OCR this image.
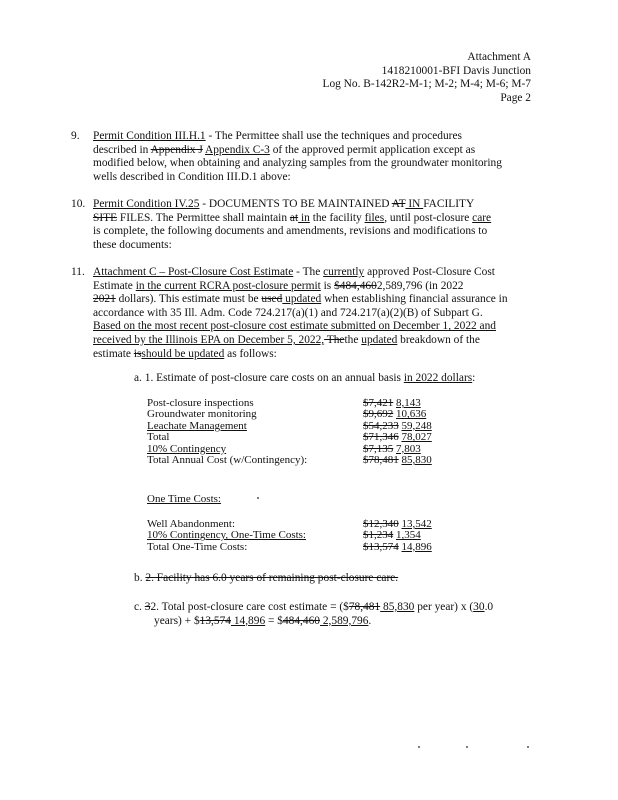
Attachment A
1418210001-BFI Davis Junction
Log No. B-142R2-M-1; M-2; M-4; M-6; M-7
Page 2
9. Permit Condition III.H.1 - The Permittee shall use the techniques and procedures
described in Appendix J Appendix C-3 of the approved permit application except as
modified below, when obtaining and analyzing samples from the groundwater monitoring
wells described in Condition III.D.1 above:
10. Permit Condition IV.25 - DOCUMENTS TO BE MAINTAINED AT IN FACILITY
SITE FILES. The Permittee shall maintain at in the facility files, until post-closure care
is complete, the following documents and amendments, revisions and modifications to
these documents:
11. Attachment C – Post-Closure Cost Estimate - The currently approved Post-Closure Cost
Estimate in the current RCRA post-closure permit is $484,4602,589,796 (in 2022
2021 dollars). This estimate must be used updated when establishing financial assurance in
accordance with 35 Ill. Adm. Code 724.217(a)(1) and 724.217(a)(2)(B) of Subpart G.
Based on the most recent post-closure cost estimate submitted on December 1, 2022 and
received by the Illinois EPA on December 5, 2022, Thethe updated breakdown of the
estimate isshould be updated as follows:
a. 1. Estimate of post-closure care costs on an annual basis in 2022 dollars:
Post-closure inspections	$7,421 8,143
Groundwater monitoring	$9,692 10,636
Leachate Management	$54,233 59,248
Total	$71,346 78,027
10% Contingency	$7,135 7,803
Total Annual Cost (w/Contingency):	$78,481 85,830
One Time Costs:
Well Abandonment:	$12,340 13,542
10% Contingency, One-Time Costs:	$1,234 1,354
Total One-Time Costs:	$13,574 14,896
b. 2. Facility has 6.0 years of remaining post-closure care.
c. 32. Total post-closure care cost estimate = ($78,481 85,830 per year) x (30.0
years) + $13,574 14,896 = $484,460 2,589,796.
